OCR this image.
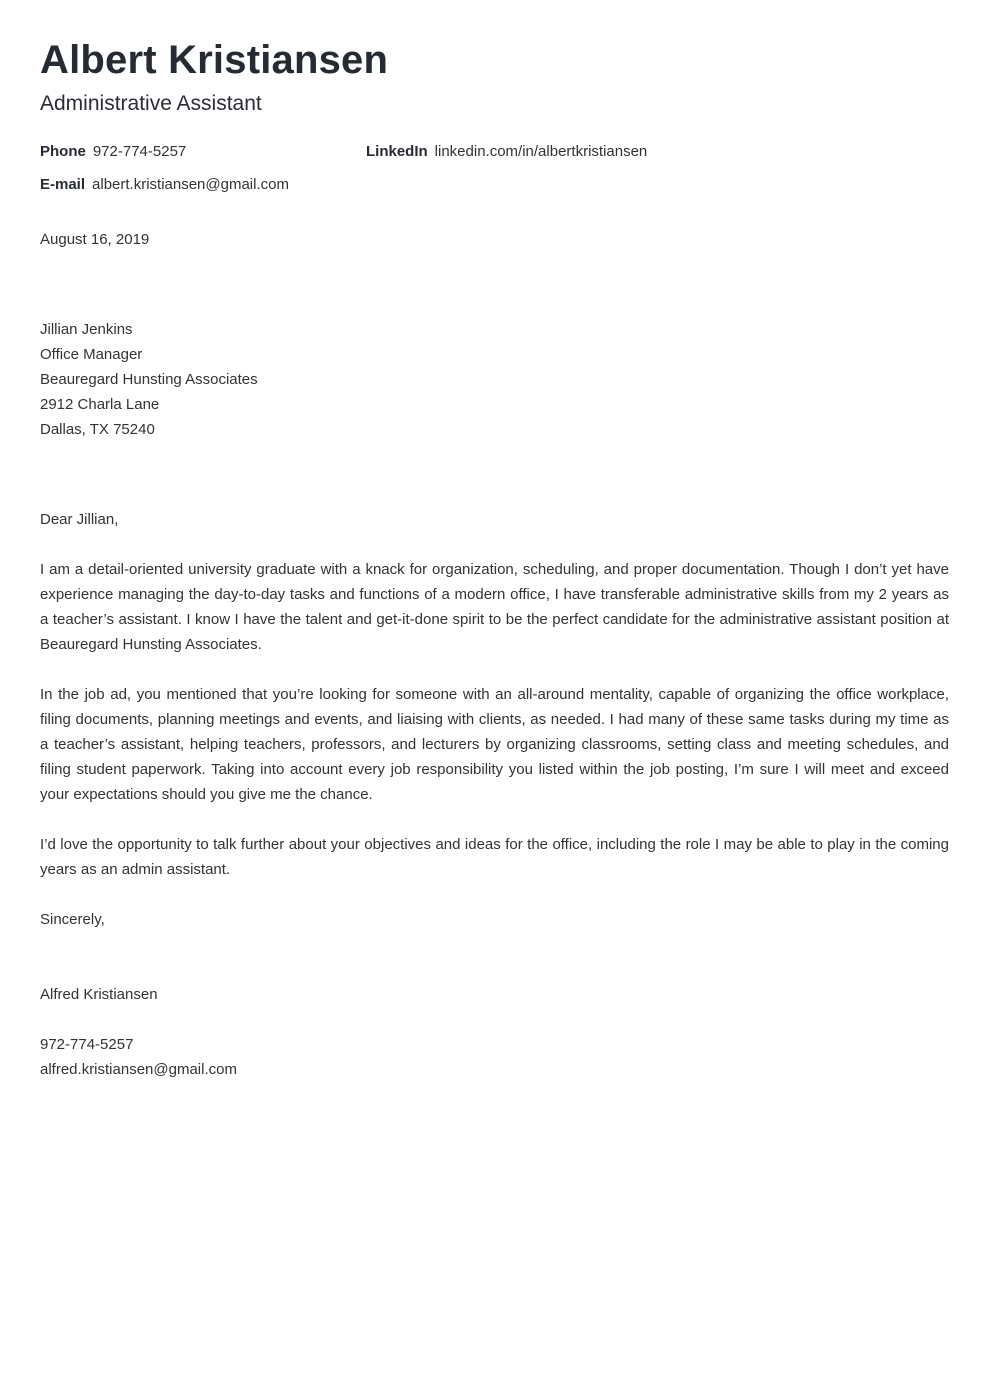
Albert Kristiansen
Administrative Assistant
Phone 972-774-5257	LinkedIn linkedin.com/in/albertkristiansen
E-mail albert.kristiansen@gmail.com
August 16, 2019
Jillian Jenkins
Office Manager
Beauregard Hunsting Associates
2912 Charla Lane
Dallas, TX 75240
Dear Jillian,

I am a detail-oriented university graduate with a knack for organization, scheduling, and proper documentation. Though I don’t yet have experience managing the day-to-day tasks and functions of a modern office, I have transferable administrative skills from my 2 years as a teacher’s assistant. I know I have the talent and get-it-done spirit to be the perfect candidate for the administrative assistant position at Beauregard Hunsting Associates.

In the job ad, you mentioned that you’re looking for someone with an all-around mentality, capable of organizing the office workplace, filing documents, planning meetings and events, and liaising with clients, as needed. I had many of these same tasks during my time as a teacher’s assistant, helping teachers, professors, and lecturers by organizing classrooms, setting class and meeting schedules, and filing student paperwork. Taking into account every job responsibility you listed within the job posting, I’m sure I will meet and exceed your expectations should you give me the chance.

I’d love the opportunity to talk further about your objectives and ideas for the office, including the role I may be able to play in the coming years as an admin assistant.

Sincerely,
Alfred Kristiansen
972-774-5257
alfred.kristiansen@gmail.com
